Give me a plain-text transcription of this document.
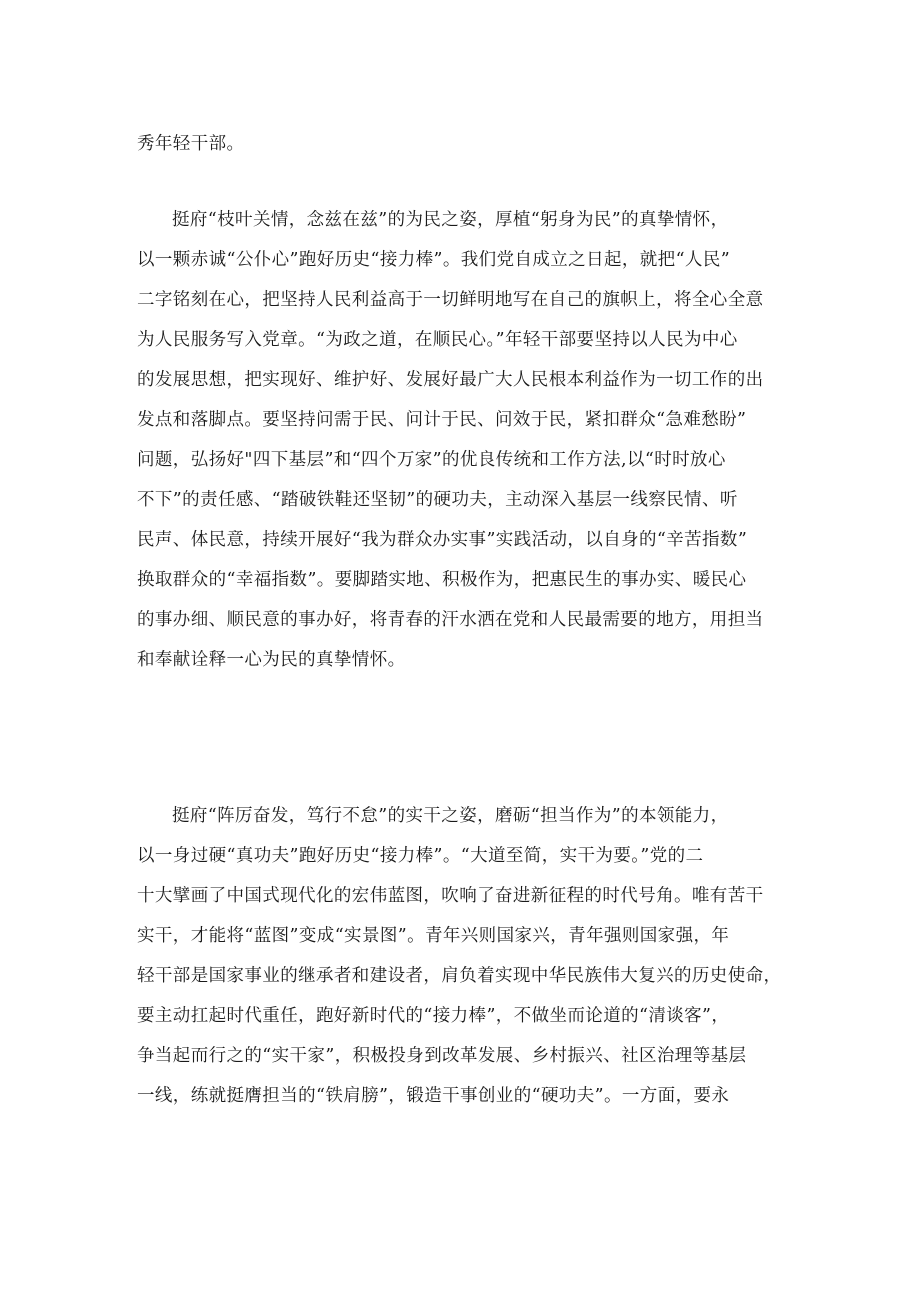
秀年轻干部。

挺府“枝叶关情，念兹在兹”的为民之姿，厚植“躬身为民”的真挚情怀，

以一颗赤诚“公仆心”跑好历史“接力棒”。我们党自成立之日起，就把“人民”

二字铭刻在心，把坚持人民利益高于一切鲜明地写在自己的旗帜上，将全心全意

为人民服务写入党章。“为政之道，在顺民心。”年轻干部要坚持以人民为中心

的发展思想，把实现好、维护好、发展好最广大人民根本利益作为一切工作的出

发点和落脚点。要坚持问需于民、问计于民、问效于民，紧扣群众“急难愁盼”

问题，弘扬好"四下基层”和“四个万家”的优良传统和工作方法,以“时时放心

不下”的责任感、“踏破铁鞋还坚韧”的硬功夫，主动深入基层一线察民情、听

民声、体民意，持续开展好“我为群众办实事”实践活动，以自身的“辛苦指数”

换取群众的“幸福指数”。要脚踏实地、积极作为，把惠民生的事办实、暖民心

的事办细、顺民意的事办好，将青春的汗水洒在党和人民最需要的地方，用担当

和奉献诠释一心为民的真挚情怀。

挺府“阵厉奋发，笃行不怠”的实干之姿，磨砺“担当作为”的本领能力，

以一身过硬“真功夫”跑好历史“接力棒”。“大道至简，实干为要。”党的二

十大擘画了中国式现代化的宏伟蓝图，吹响了奋进新征程的时代号角。唯有苦干

实干，才能将“蓝图”变成“实景图”。青年兴则国家兴，青年强则国家强，年

轻干部是国家事业的继承者和建设者，肩负着实现中华民族伟大复兴的历史使命，

要主动扛起时代重任，跑好新时代的“接力棒”，不做坐而论道的“清谈客”，

争当起而行之的“实干家”，积极投身到改革发展、乡村振兴、社区治理等基层

一线，练就挺膺担当的“铁肩膀”，锻造干事创业的“硬功夫”。一方面，要永
